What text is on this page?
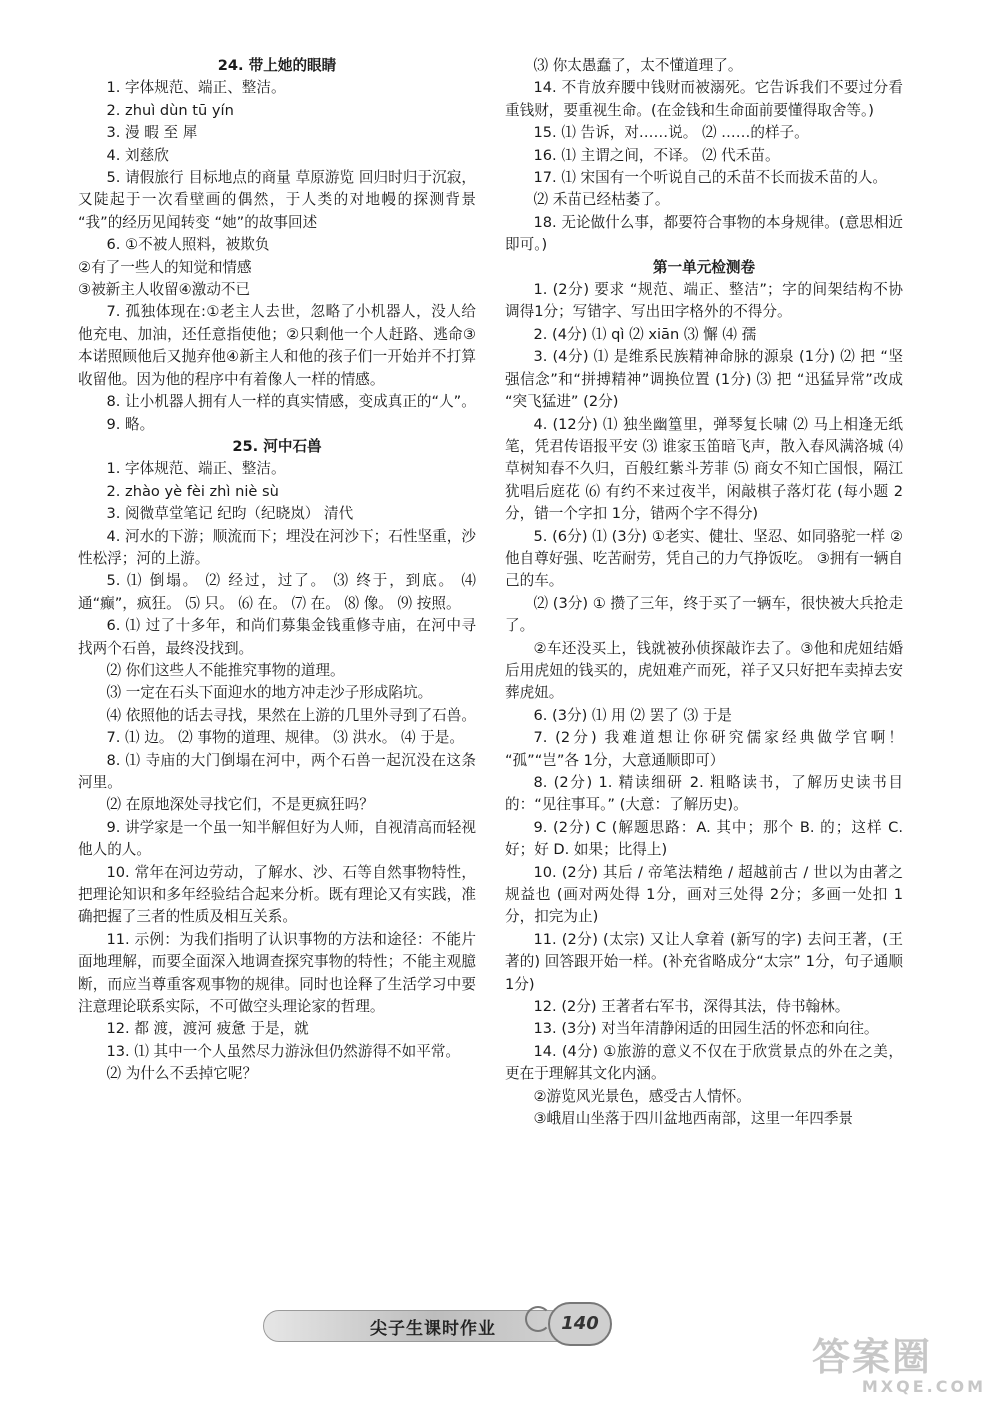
24. 带上她的眼睛

1. 字体规范、端正、整洁。

2. zhuì dùn tū yín

3. 漫 暇 至 犀

4. 刘慈欣

5. 请假旅行 目标地点的商量 草原游览 回归时归于沉寂，又陡起于一次看壁画的偶然，于人类的对地幔的探测背景 “我”的经历见闻转变 “她”的故事回述

6. ①不被人照料，被欺负

②有了一些人的知觉和情感

③被新主人收留④激动不已

7. 孤独体现在:①老主人去世，忽略了小机器人，没人给他充电、加油，还任意指使他；②只剩他一个人赶路、逃命③本诺照顾他后又抛弃他④新主人和他的孩子们一开始并不打算收留他。因为他的程序中有着像人一样的情感。

8. 让小机器人拥有人一样的真实情感，变成真正的“人”。

9. 略。

25. 河中石兽

1. 字体规范、端正、整洁。

2. zhào yè fèi zhì niè sù

3. 阅微草堂笔记 纪昀（纪晓岚） 清代

4. 河水的下游；顺流而下；埋没在河沙下；石性坚重，沙性松浮；河的上游。

5. ⑴ 倒塌。 ⑵ 经过，过了。 ⑶ 终于，到底。 ⑷ 通“癫”，疯狂。 ⑸ 只。 ⑹ 在。 ⑺ 在。 ⑻ 像。 ⑼ 按照。

6. ⑴ 过了十多年，和尚们募集金钱重修寺庙，在河中寻找两个石兽，最终没找到。

⑵ 你们这些人不能推究事物的道理。

⑶ 一定在石头下面迎水的地方冲走沙子形成陷坑。

⑷ 依照他的话去寻找，果然在上游的几里外寻到了石兽。

7. ⑴ 边。 ⑵ 事物的道理、规律。 ⑶ 洪水。 ⑷ 于是。

8. ⑴ 寺庙的大门倒塌在河中，两个石兽一起沉没在这条河里。

⑵ 在原地深处寻找它们，不是更疯狂吗？

9. 讲学家是一个虽一知半解但好为人师，自视清高而轻视他人的人。

10. 常年在河边劳动，了解水、沙、石等自然事物特性，把理论知识和多年经验结合起来分析。既有理论又有实践，准确把握了三者的性质及相互关系。

11. 示例：为我们指明了认识事物的方法和途径：不能片面地理解，而要全面深入地调查探究事物的特性；不能主观臆断，而应当尊重客观事物的规律。同时也诠释了生活学习中要注意理论联系实际，不可做空头理论家的哲理。

12. 都 渡，渡河 疲惫 于是，就

13. ⑴ 其中一个人虽然尽力游泳但仍然游得不如平常。

⑵ 为什么不丢掉它呢？

⑶ 你太愚蠢了，太不懂道理了。

14. 不肯放弃腰中钱财而被溺死。它告诉我们不要过分看重钱财，要重视生命。(在金钱和生命面前要懂得取舍等。)

15. ⑴ 告诉，对……说。 ⑵ ……的样子。

16. ⑴ 主谓之间，不译。 ⑵ 代禾苗。

17. ⑴ 宋国有一个听说自己的禾苗不长而拔禾苗的人。

⑵ 禾苗已经枯萎了。

18. 无论做什么事，都要符合事物的本身规律。(意思相近即可。)

第一单元检测卷

1. (2分) 要求 “规范、端正、整洁”；字的间架结构不协调得1分；写错字、写出田字格外的不得分。

2. (4分) ⑴ qì ⑵ xiān ⑶ 懈 ⑷ 孺

3. (4分) ⑴ 是维系民族精神命脉的源泉 (1分) ⑵ 把 “坚强信念”和“拼搏精神”调换位置 (1分) ⑶ 把 “迅猛异常”改成 “突飞猛进” (2分)

4. (12分) ⑴ 独坐幽篁里，弹琴复长啸 ⑵ 马上相逢无纸笔，凭君传语报平安 ⑶ 谁家玉笛暗飞声，散入春风满洛城 ⑷ 草树知春不久归，百般红紫斗芳菲 ⑸ 商女不知亡国恨，隔江犹唱后庭花 ⑹ 有约不来过夜半，闲敲棋子落灯花 (每小题 2分，错一个字扣 1分，错两个字不得分)

5. (6分) ⑴ (3分) ①老实、健壮、坚忍、如同骆驼一样 ②他自尊好强、吃苦耐劳，凭自己的力气挣饭吃。 ③拥有一辆自己的车。

⑵ (3分) ① 攒了三年，终于买了一辆车，很快被大兵抢走了。

②车还没买上，钱就被孙侦探敲诈去了。③他和虎妞结婚后用虎妞的钱买的，虎妞难产而死，祥子又只好把车卖掉去安葬虎妞。

6. (3分) ⑴ 用 ⑵ 罢了 ⑶ 于是

7. (2分) 我难道想让你研究儒家经典做学官啊！ “孤”“岂”各 1分，大意通顺即可）

8. (2分) 1. 精读细研 2. 粗略读书，了解历史读书目的：“见往事耳。” (大意：了解历史)。

9. (2分) C (解题思路：A. 其中；那个 B. 的；这样 C. 好；好 D. 如果；比得上)

10. (2分) 其后 / 帝笔法精绝 / 超越前古 / 世以为由著之规益也 (画对两处得 1分，画对三处得 2分；多画一处扣 1分，扣完为止)

11. (2分) (太宗) 又让人拿着 (新写的字) 去问王著，(王著的) 回答跟开始一样。(补充省略成分“太宗” 1分，句子通顺 1分)

12. (2分) 王著者右军书，深得其法，侍书翰林。

13. (3分) 对当年清静闲适的田园生活的怀恋和向往。

14. (4分) ①旅游的意义不仅在于欣赏景点的外在之美，更在于理解其文化内涵。

②游览风光景色，感受古人情怀。

③峨眉山坐落于四川盆地西南部，这里一年四季景

尖子生课时作业	140
答案圈
MXQE.COM
